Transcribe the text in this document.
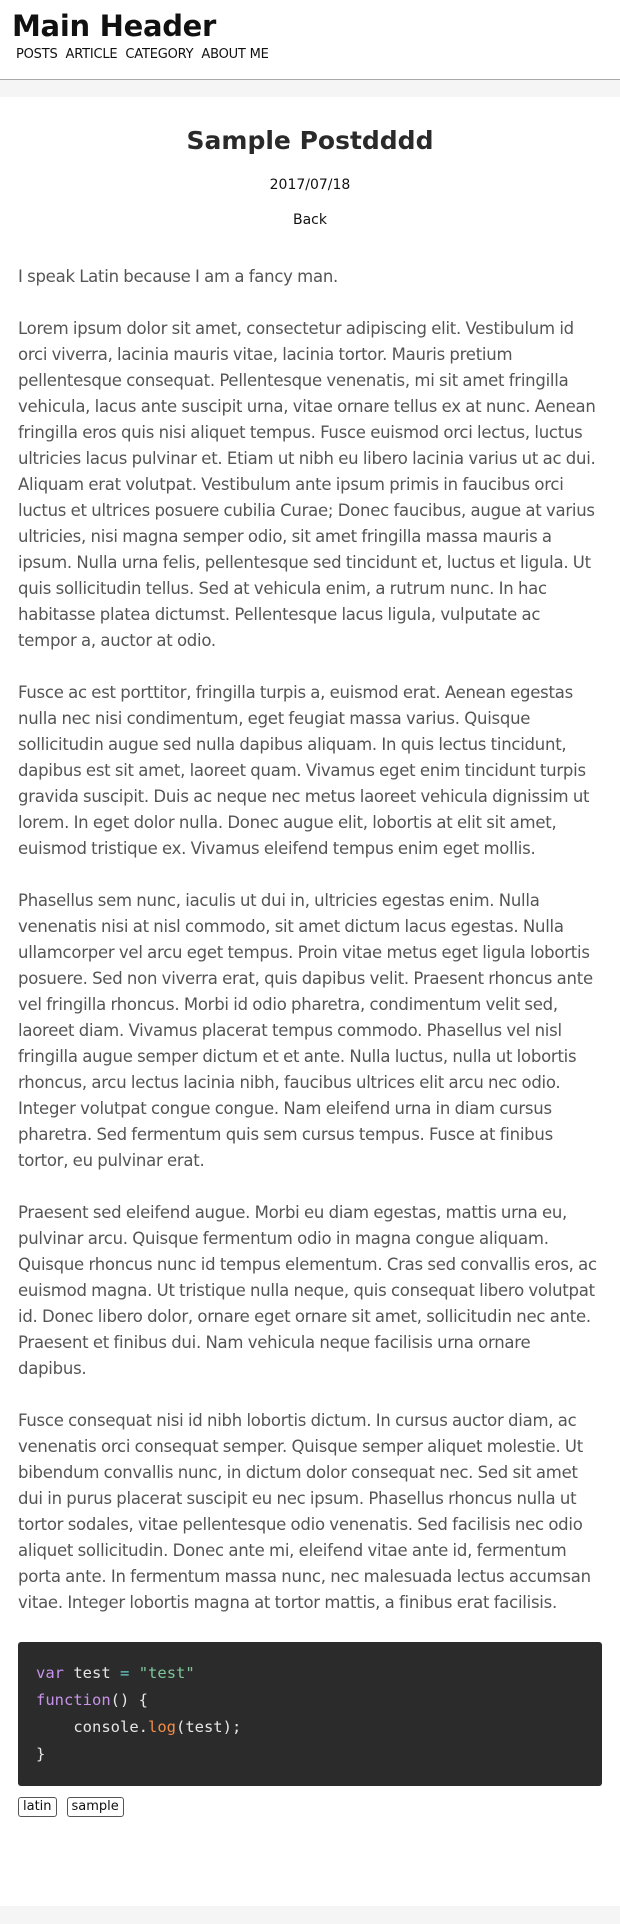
Main Header
POSTS ARTICLE CATEGORY ABOUT ME
Sample Postdddd
2017/07/18
Back

I speak Latin because I am a fancy man.

Lorem ipsum dolor sit amet, consectetur adipiscing elit. Vestibulum id orci viverra, lacinia mauris vitae, lacinia tortor. Mauris pretium pellentesque consequat. Pellentesque venenatis, mi sit amet fringilla vehicula, lacus ante suscipit urna, vitae ornare tellus ex at nunc. Aenean fringilla eros quis nisi aliquet tempus. Fusce euismod orci lectus, luctus ultricies lacus pulvinar et. Etiam ut nibh eu libero lacinia varius ut ac dui. Aliquam erat volutpat. Vestibulum ante ipsum primis in faucibus orci luctus et ultrices posuere cubilia Curae; Donec faucibus, augue at varius ultricies, nisi magna semper odio, sit amet fringilla massa mauris a ipsum. Nulla urna felis, pellentesque sed tincidunt et, luctus et ligula. Ut quis sollicitudin tellus. Sed at vehicula enim, a rutrum nunc. In hac habitasse platea dictumst. Pellentesque lacus ligula, vulputate ac tempor a, auctor at odio.

Fusce ac est porttitor, fringilla turpis a, euismod erat. Aenean egestas nulla nec nisi condimentum, eget feugiat massa varius. Quisque sollicitudin augue sed nulla dapibus aliquam. In quis lectus tincidunt, dapibus est sit amet, laoreet quam. Vivamus eget enim tincidunt turpis gravida suscipit. Duis ac neque nec metus laoreet vehicula dignissim ut lorem. In eget dolor nulla. Donec augue elit, lobortis at elit sit amet, euismod tristique ex. Vivamus eleifend tempus enim eget mollis.

Phasellus sem nunc, iaculis ut dui in, ultricies egestas enim. Nulla venenatis nisi at nisl commodo, sit amet dictum lacus egestas. Nulla ullamcorper vel arcu eget tempus. Proin vitae metus eget ligula lobortis posuere. Sed non viverra erat, quis dapibus velit. Praesent rhoncus ante vel fringilla rhoncus. Morbi id odio pharetra, condimentum velit sed, laoreet diam. Vivamus placerat tempus commodo. Phasellus vel nisl fringilla augue semper dictum et et ante. Nulla luctus, nulla ut lobortis rhoncus, arcu lectus lacinia nibh, faucibus ultrices elit arcu nec odio. Integer volutpat congue congue. Nam eleifend urna in diam cursus pharetra. Sed fermentum quis sem cursus tempus. Fusce at finibus tortor, eu pulvinar erat.

Praesent sed eleifend augue. Morbi eu diam egestas, mattis urna eu, pulvinar arcu. Quisque fermentum odio in magna congue aliquam. Quisque rhoncus nunc id tempus elementum. Cras sed convallis eros, ac euismod magna. Ut tristique nulla neque, quis consequat libero volutpat id. Donec libero dolor, ornare eget ornare sit amet, sollicitudin nec ante. Praesent et finibus dui. Nam vehicula neque facilisis urna ornare dapibus.

Fusce consequat nisi id nibh lobortis dictum. In cursus auctor diam, ac venenatis orci consequat semper. Quisque semper aliquet molestie. Ut bibendum convallis nunc, in dictum dolor consequat nec. Sed sit amet dui in purus placerat suscipit eu nec ipsum. Phasellus rhoncus nulla ut tortor sodales, vitae pellentesque odio venenatis. Sed facilisis nec odio aliquet sollicitudin. Donec ante mi, eleifend vitae ante id, fermentum porta ante. In fermentum massa nunc, nec malesuada lectus accumsan vitae. Integer lobortis magna at tortor mattis, a finibus erat facilisis.

var test = "test"
function() {
console.log(test);
}
latin	sample
